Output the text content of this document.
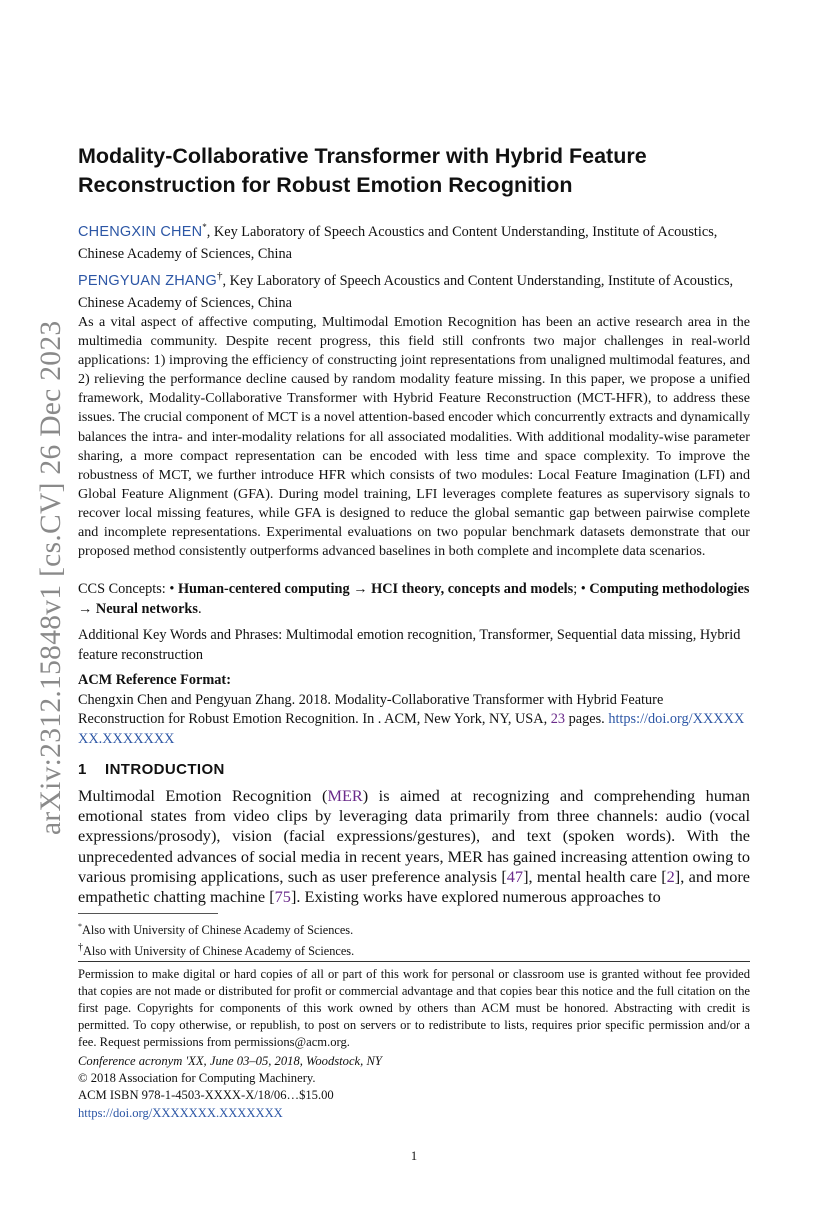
arXiv:2312.15848v1 [cs.CV] 26 Dec 2023
Modality-Collaborative Transformer with Hybrid Feature Reconstruction for Robust Emotion Recognition
CHENGXIN CHEN*, Key Laboratory of Speech Acoustics and Content Understanding, Institute of Acoustics, Chinese Academy of Sciences, China
PENGYUAN ZHANG†, Key Laboratory of Speech Acoustics and Content Understanding, Institute of Acoustics, Chinese Academy of Sciences, China

As a vital aspect of affective computing, Multimodal Emotion Recognition has been an active research area in the multimedia community. Despite recent progress, this field still confronts two major challenges in real-world applications: 1) improving the efficiency of constructing joint representations from unaligned multimodal features, and 2) relieving the performance decline caused by random modality feature missing. In this paper, we propose a unified framework, Modality-Collaborative Transformer with Hybrid Feature Reconstruction (MCT-HFR), to address these issues. The crucial component of MCT is a novel attention-based encoder which concurrently extracts and dynamically balances the intra- and inter-modality relations for all associated modalities. With additional modality-wise parameter sharing, a more compact representation can be encoded with less time and space complexity. To improve the robustness of MCT, we further introduce HFR which consists of two modules: Local Feature Imagination (LFI) and Global Feature Alignment (GFA). During model training, LFI leverages complete features as supervisory signals to recover local missing features, while GFA is designed to reduce the global semantic gap between pairwise complete and incomplete representations. Experimental evaluations on two popular benchmark datasets demonstrate that our proposed method consistently outperforms advanced baselines in both complete and incomplete data scenarios.

CCS Concepts: • Human-centered computing → HCI theory, concepts and models; • Computing methodologies → Neural networks.
Additional Key Words and Phrases: Multimodal emotion recognition, Transformer, Sequential data missing, Hybrid feature reconstruction
ACM Reference Format:
Chengxin Chen and Pengyuan Zhang. 2018. Modality-Collaborative Transformer with Hybrid Feature Reconstruction for Robust Emotion Recognition. In . ACM, New York, NY, USA, 23 pages. https://doi.org/XXXXXXX.XXXXXXX
1 INTRODUCTION

Multimodal Emotion Recognition (MER) is aimed at recognizing and comprehending human emotional states from video clips by leveraging data primarily from three channels: audio (vocal expressions/prosody), vision (facial expressions/gestures), and text (spoken words). With the unprecedented advances of social media in recent years, MER has gained increasing attention owing to various promising applications, such as user preference analysis [47], mental health care [2], and more empathetic chatting machine [75]. Existing works have explored numerous approaches to

*Also with University of Chinese Academy of Sciences.
†Also with University of Chinese Academy of Sciences.

Permission to make digital or hard copies of all or part of this work for personal or classroom use is granted without fee provided that copies are not made or distributed for profit or commercial advantage and that copies bear this notice and the full citation on the first page. Copyrights for components of this work owned by others than ACM must be honored. Abstracting with credit is permitted. To copy otherwise, or republish, to post on servers or to redistribute to lists, requires prior specific permission and/or a fee. Request permissions from permissions@acm.org.

Conference acronym 'XX, June 03–05, 2018, Woodstock, NY
© 2018 Association for Computing Machinery.
ACM ISBN 978-1-4503-XXXX-X/18/06…$15.00
https://doi.org/XXXXXXX.XXXXXXX
1
